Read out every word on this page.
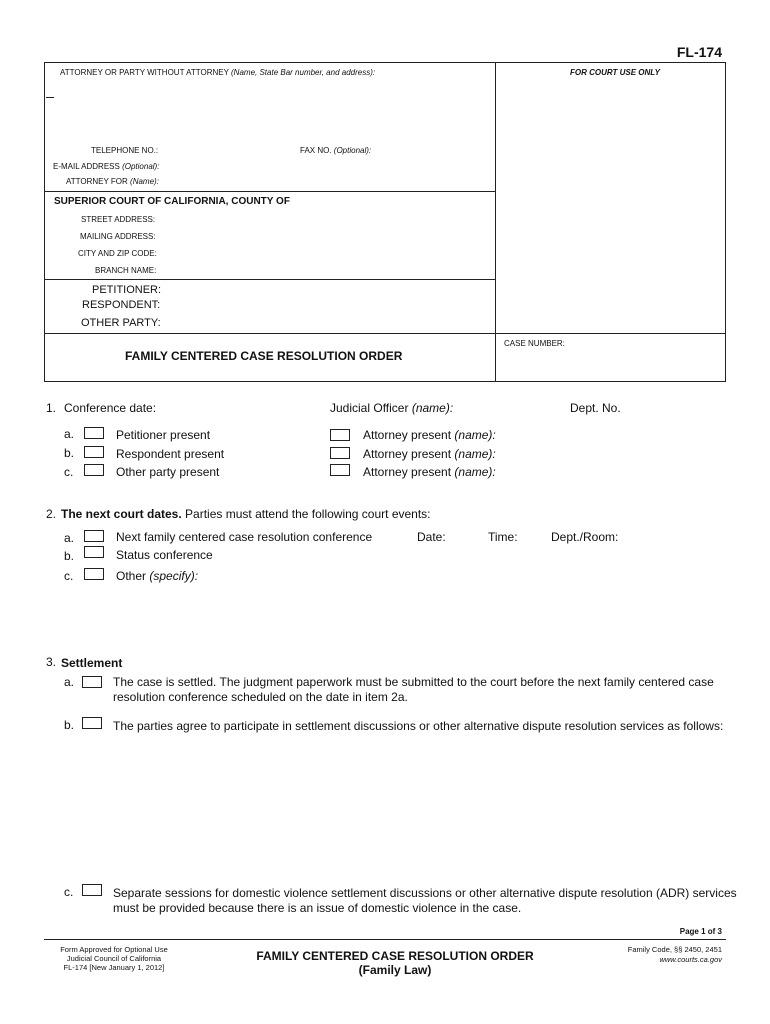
FL-174
ATTORNEY OR PARTY WITHOUT ATTORNEY (Name, State Bar number, and address):	FOR COURT USE ONLY
TELEPHONE NO.:	FAX NO. (Optional):
E-MAIL ADDRESS (Optional):
ATTORNEY FOR (Name):
SUPERIOR COURT OF CALIFORNIA, COUNTY OF
STREET ADDRESS:
MAILING ADDRESS:
CITY AND ZIP CODE:
BRANCH NAME:
PETITIONER:
RESPONDENT:
OTHER PARTY:
FAMILY CENTERED CASE RESOLUTION ORDER
CASE NUMBER:
1. Conference date:	Judicial Officer (name):	Dept. No.
a.	Petitioner present	Attorney present (name):
b.	Respondent present	Attorney present (name):
c.	Other party present	Attorney present (name):
2. The next court dates. Parties must attend the following court events:
a.	Next family centered case resolution conference	Date:	Time:	Dept./Room:
b.	Status conference
c.	Other (specify):
3. Settlement
a.	The case is settled. The judgment paperwork must be submitted to the court before the next family centered case
resolution conference scheduled on the date in item 2a.
b.	The parties agree to participate in settlement discussions or other alternative dispute resolution services as follows:
c.	Separate sessions for domestic violence settlement discussions or other alternative dispute resolution (ADR) services
must be provided because there is an issue of domestic violence in the case.
Page 1 of 3
Form Approved for Optional Use
Judicial Council of California
FL-174 [New January 1, 2012]
FAMILY CENTERED CASE RESOLUTION ORDER
(Family Law)
Family Code, §§ 2450, 2451
www.courts.ca.gov
